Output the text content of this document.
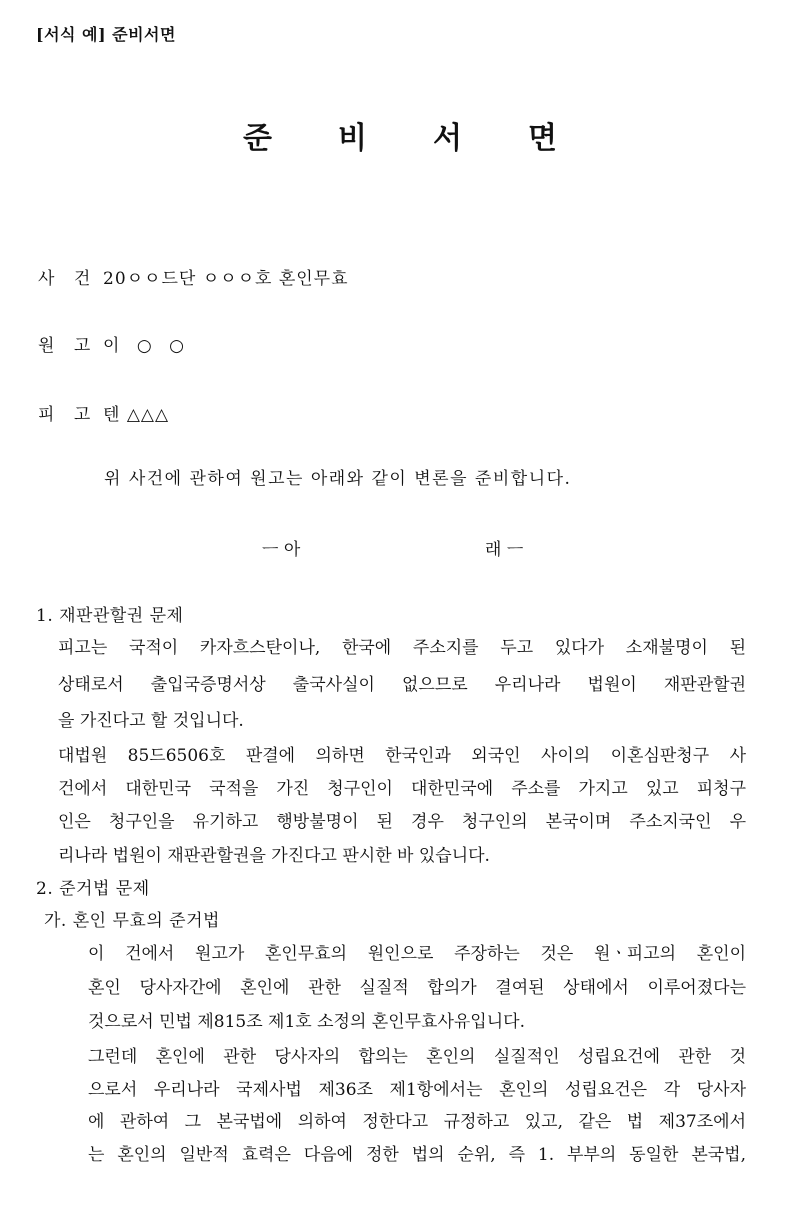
[서식 예] 준비서면
준 비 서 면
사 건 20ㅇㅇ드단 ㅇㅇㅇ호 혼인무효
원 고 이 ○ ○
피 고 텐 △△△
위 사건에 관하여 원고는 아래와 같이 변론을 준비합니다.
ㅡ 아	래 ㅡ
1. 재판관할권 문제
피고는 국적이 카자흐스탄이나, 한국에 주소지를 두고 있다가 소재불명이 된
상태로서 출입국증명서상 출국사실이 없으므로 우리나라 법원이 재판관할권
을 가진다고 할 것입니다.
대법원 85드6506호 판결에 의하면 한국인과 외국인 사이의 이혼심판청구 사
건에서 대한민국 국적을 가진 청구인이 대한민국에 주소를 가지고 있고 피청구
인은 청구인을 유기하고 행방불명이 된 경우 청구인의 본국이며 주소지국인 우
리나라 법원이 재판관할권을 가진다고 판시한 바 있습니다.
2. 준거법 문제
가. 혼인 무효의 준거법
이 건에서 원고가 혼인무효의 원인으로 주장하는 것은 원ㆍ피고의 혼인이
혼인 당사자간에 혼인에 관한 실질적 합의가 결여된 상태에서 이루어졌다는
것으로서 민법 제815조 제1호 소정의 혼인무효사유입니다.
그런데 혼인에 관한 당사자의 합의는 혼인의 실질적인 성립요건에 관한 것
으로서 우리나라 국제사법 제36조 제1항에서는 혼인의 성립요건은 각 당사자
에 관하여 그 본국법에 의하여 정한다고 규정하고 있고, 같은 법 제37조에서
는 혼인의 일반적 효력은 다음에 정한 법의 순위, 즉 1. 부부의 동일한 본국법,
